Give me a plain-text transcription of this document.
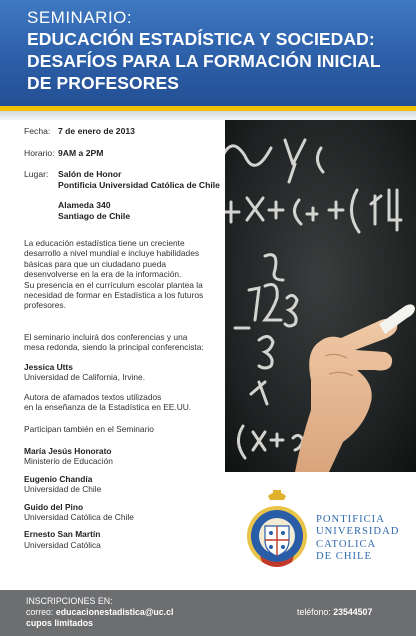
SEMINARIO:
EDUCACIÓN ESTADÍSTICA Y SOCIEDAD:
DESAFÍOS PARA LA FORMACIÓN INICIAL
DE PROFESORES
Fecha: 7 de enero de 2013
Horario: 9AM a 2PM
Lugar:	Salón de Honor
Pontificia Universidad Católica de Chile
Alameda 340
Santiago de Chile
La educación estadística tiene un creciente
desarrollo a nivel mundial e incluye habilidades
básicas para que un ciudadano pueda
desenvolverse en la era de la información.
Su presencia en el currículum escolar plantea la
necesidad de formar en Estadística a los futuros
profesores.
El seminario incluirá dos conferencias y una
mesa redonda, siendo la principal conferencista:
Jessica Utts
Universidad de California, Irvine.
Autora de afamados textos utilizados
en la enseñanza de la Estadística en EE.UU.
Participan también en el Seminario
María Jesús Honorato
Ministerio de Educación
Eugenio Chandía
Universidad de Chile
Guido del Pino
Universidad Católica de Chile
Ernesto San Martín
Universidad Católica
PONTIFICIA
UNIVERSIDAD
CATOLICA
DE CHILE
INSCRIPCIONES EN:
correo: educacionestadistica@uc.cl
cupos limitados
teléfono: 23544507
